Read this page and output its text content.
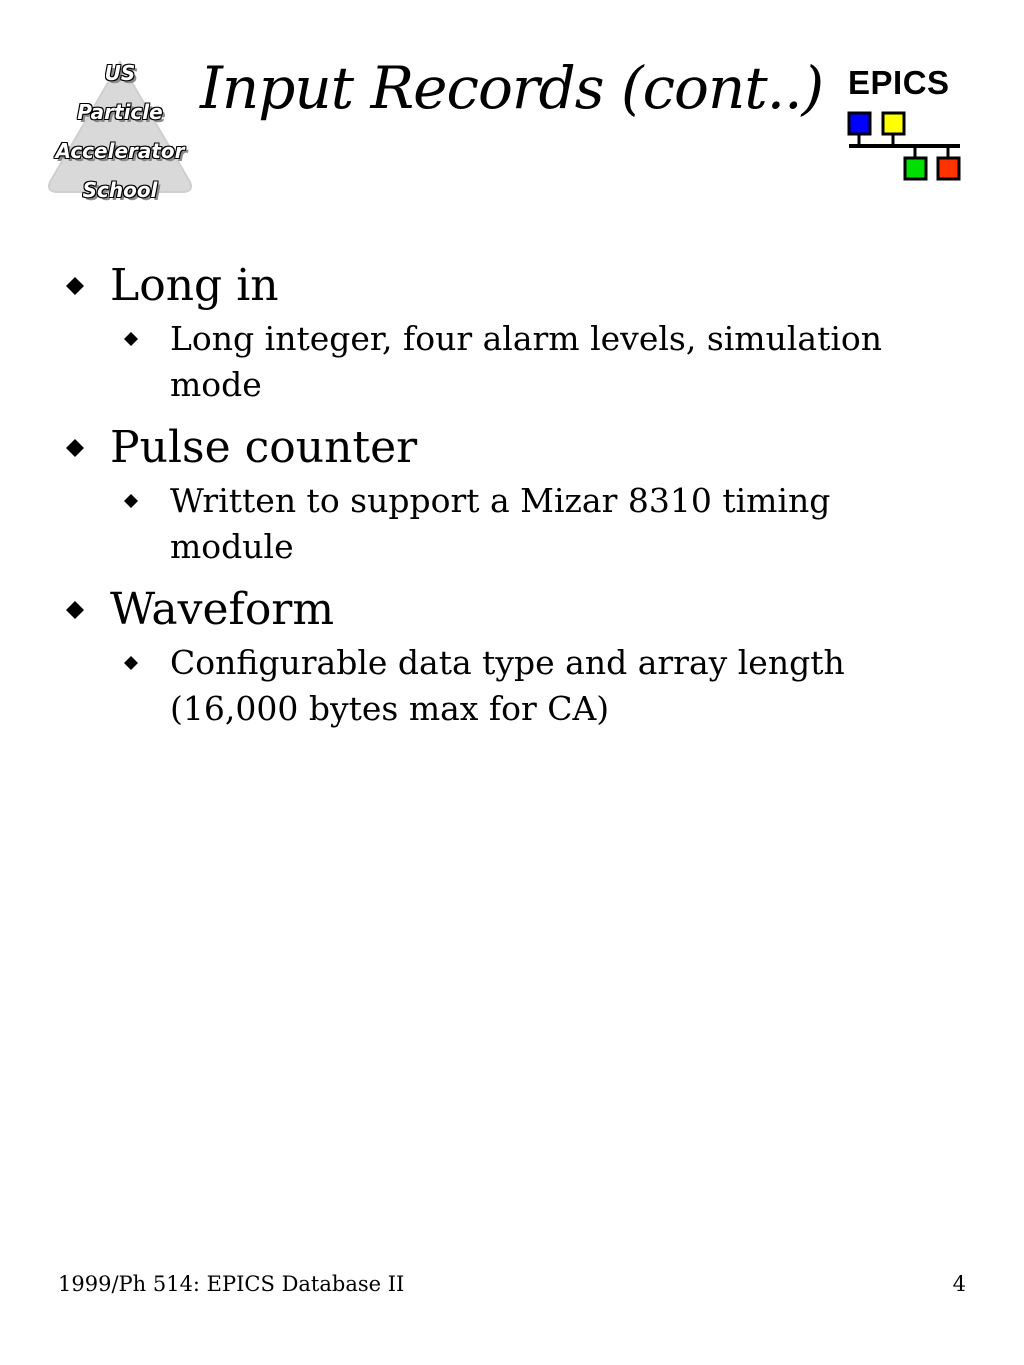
US
Particle
Accelerator
School
Input Records (cont..) EPICS
Long in
Long integer, four alarm levels, simulation mode
Pulse counter
Written to support a Mizar 8310 timing module
Waveform
Configurable data type and array length (16,000 bytes max for CA)
1999/Ph 514: EPICS Database II	4
